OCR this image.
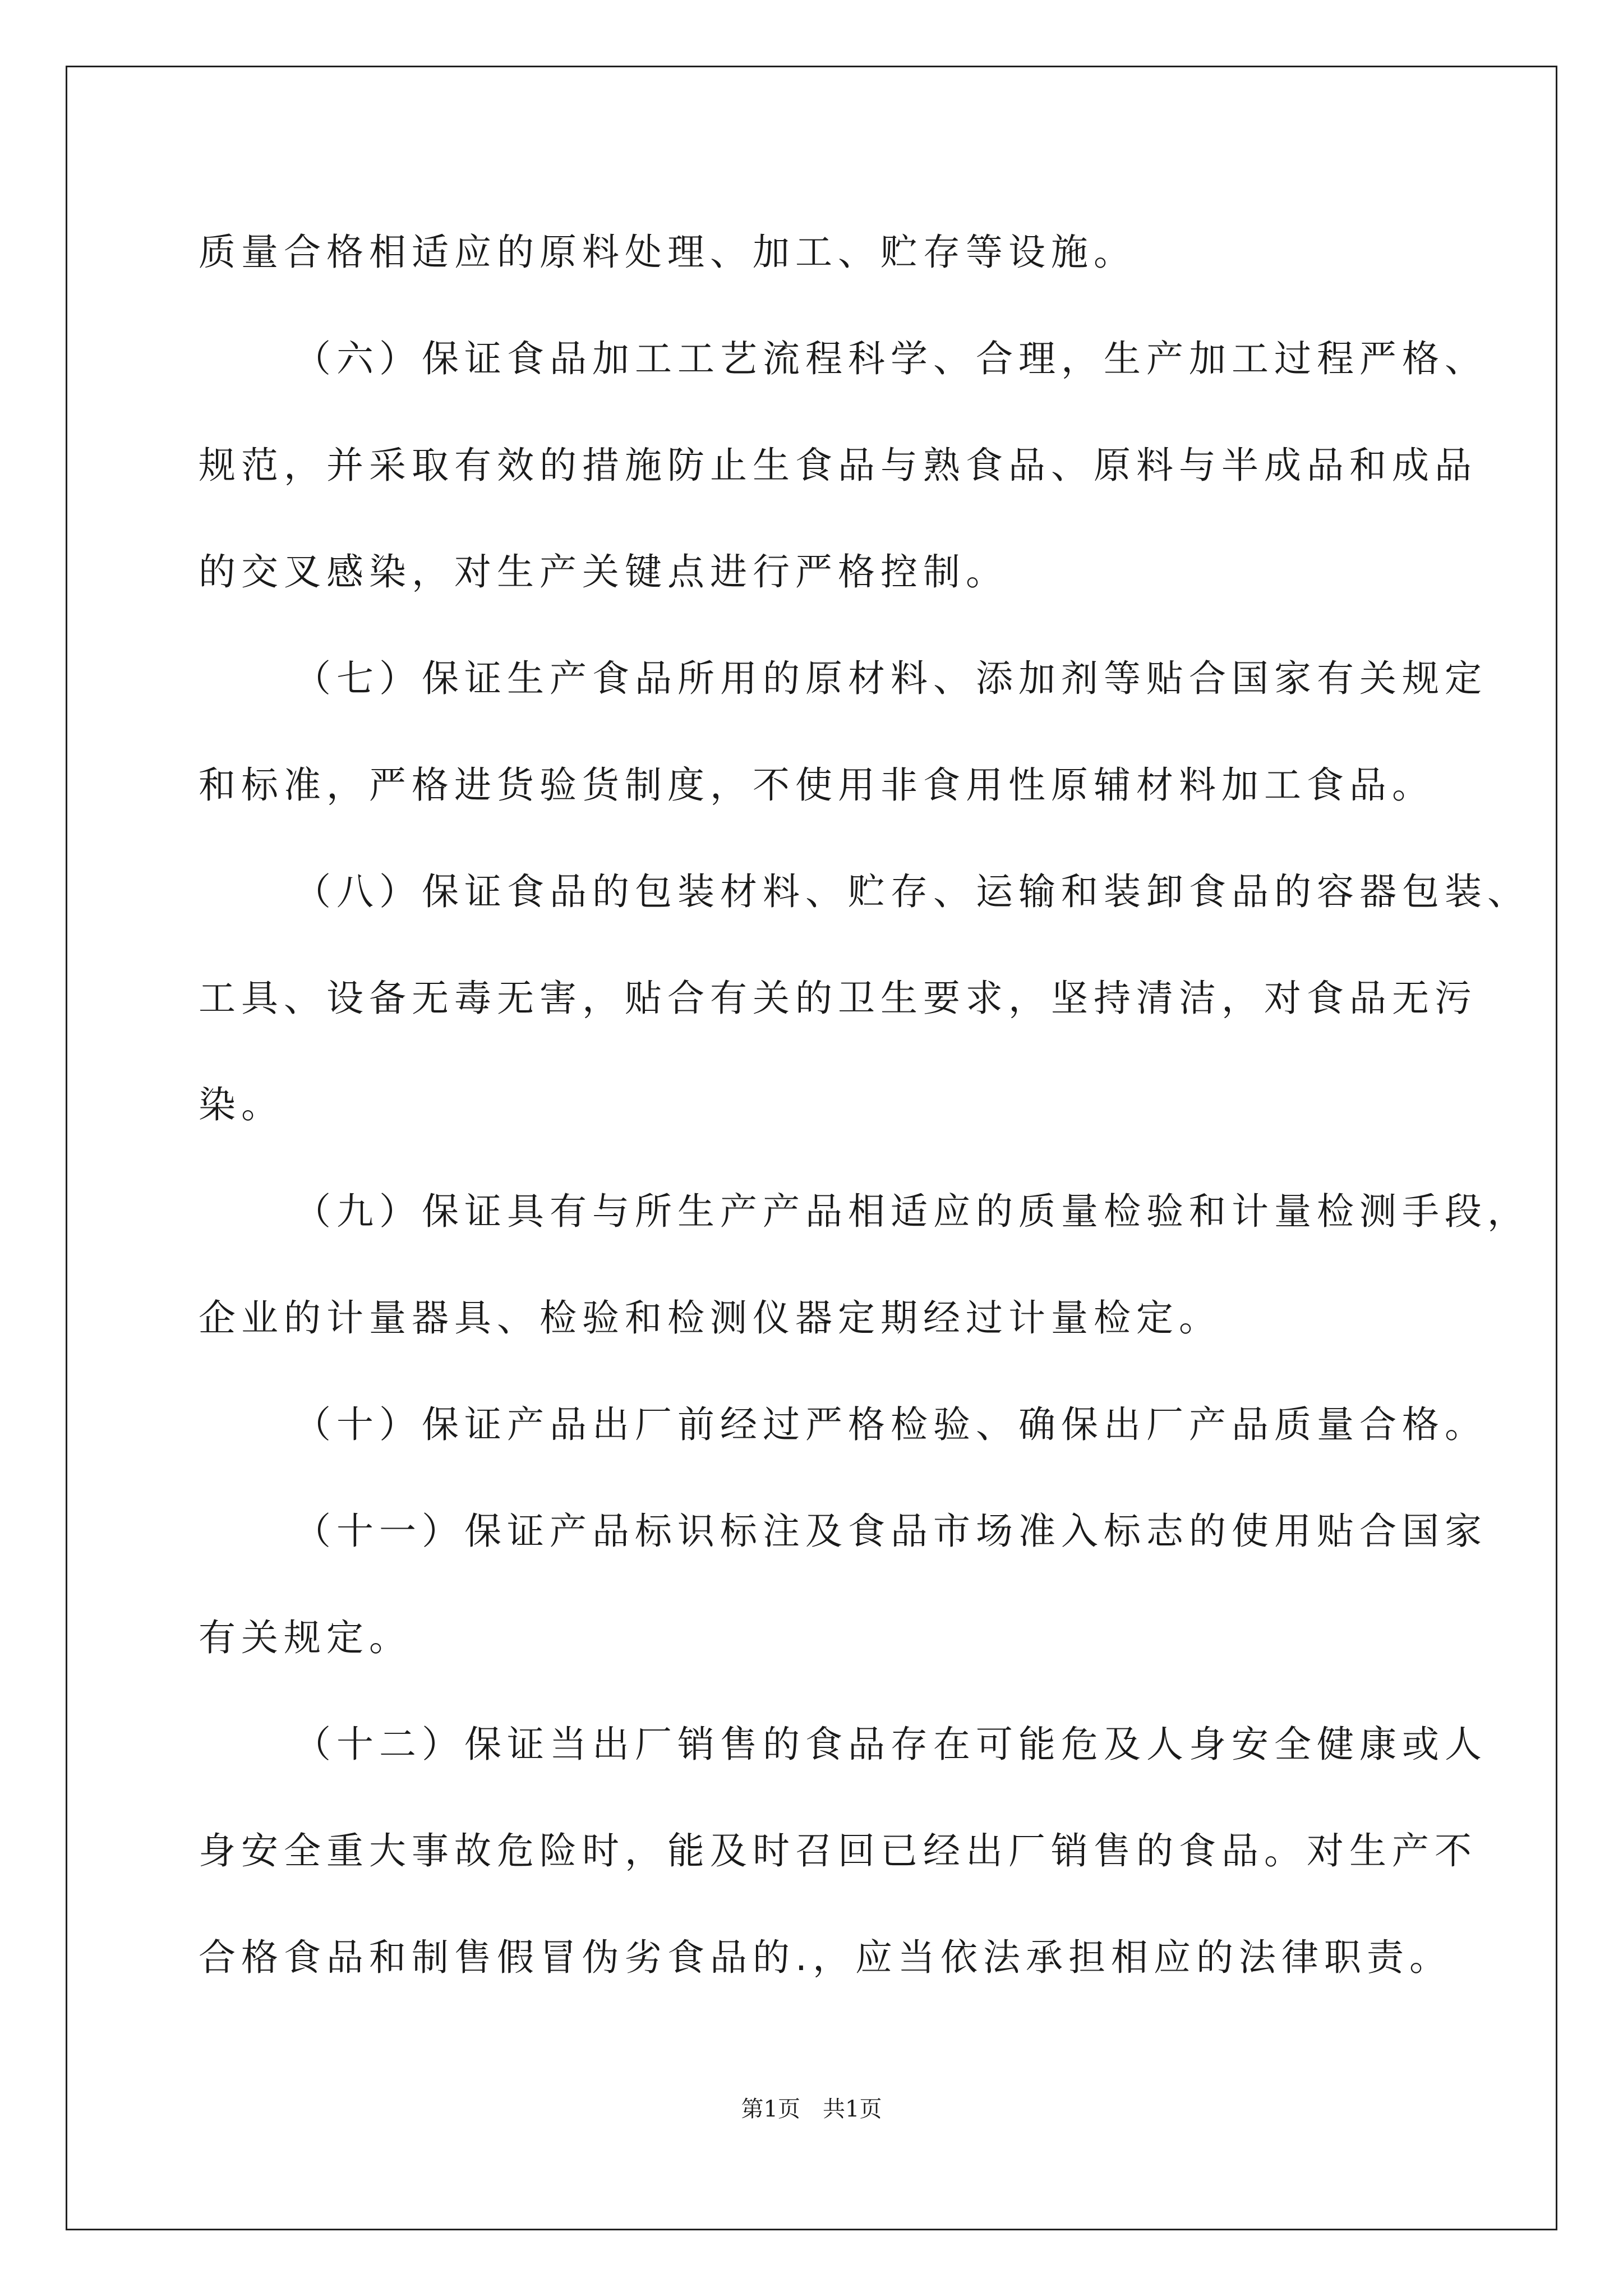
质量合格相适应的原料处理、加工、贮存等设施。

（六）保证食品加工工艺流程科学、合理，生产加工过程严格、

规范，并采取有效的措施防止生食品与熟食品、原料与半成品和成品

的交叉感染，对生产关键点进行严格控制。

（七）保证生产食品所用的原材料、添加剂等贴合国家有关规定

和标准，严格进货验货制度，不使用非食用性原辅材料加工食品。

（八）保证食品的包装材料、贮存、运输和装卸食品的容器包装、

工具、设备无毒无害，贴合有关的卫生要求，坚持清洁，对食品无污

染。

（九）保证具有与所生产产品相适应的质量检验和计量检测手段，

企业的计量器具、检验和检测仪器定期经过计量检定。

（十）保证产品出厂前经过严格检验、确保出厂产品质量合格。

（十一）保证产品标识标注及食品市场准入标志的使用贴合国家

有关规定。

（十二）保证当出厂销售的食品存在可能危及人身安全健康或人

身安全重大事故危险时，能及时召回已经出厂销售的食品。对生产不

合格食品和制售假冒伪劣食品的.，应当依法承担相应的法律职责。

第1页　共1页
